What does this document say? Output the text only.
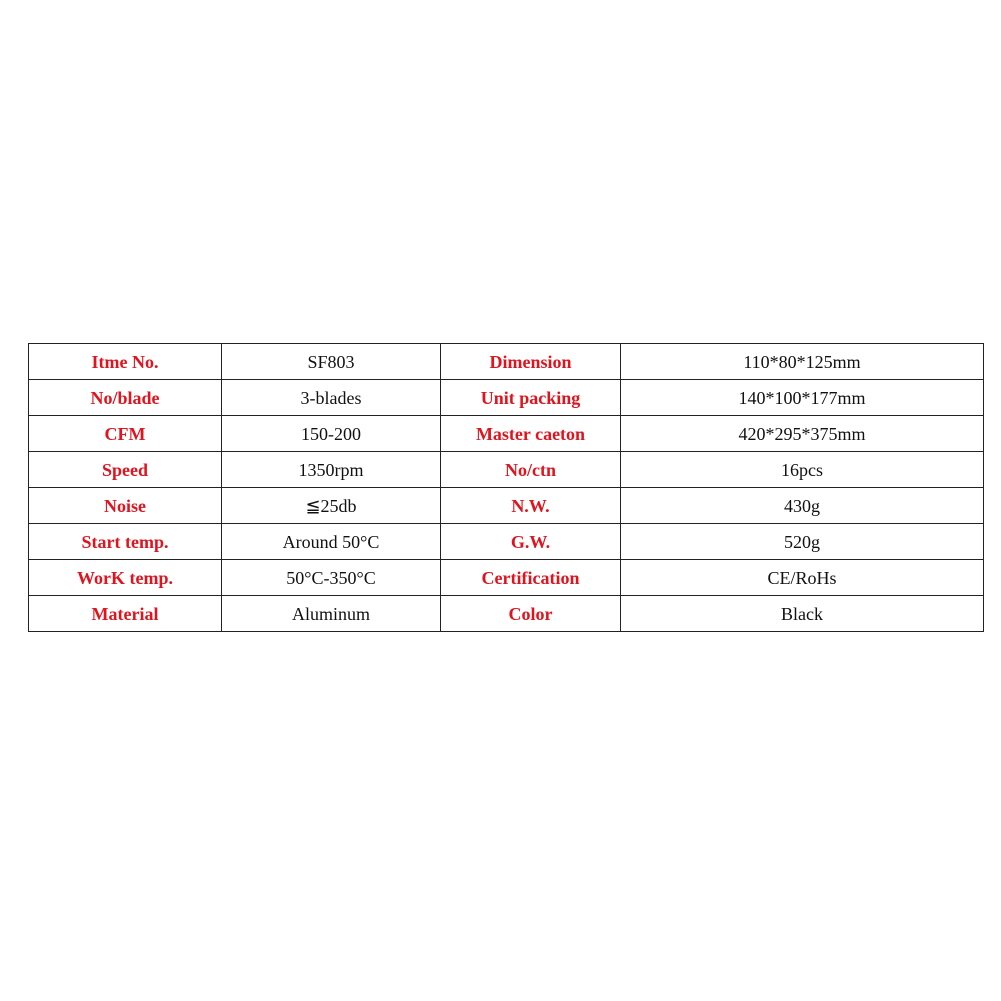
Itme No.	SF803	Dimension	110*80*125mm
No/blade	3-blades	Unit packing	140*100*177mm
CFM	150-200	Master caeton	420*295*375mm
Speed	1350rpm	No/ctn	16pcs
Noise	≦25db	N.W.	430g
Start temp.	Around 50°C	G.W.	520g
WorK temp.	50°C-350°C	Certification	CE/RoHs
Material	Aluminum	Color	Black
